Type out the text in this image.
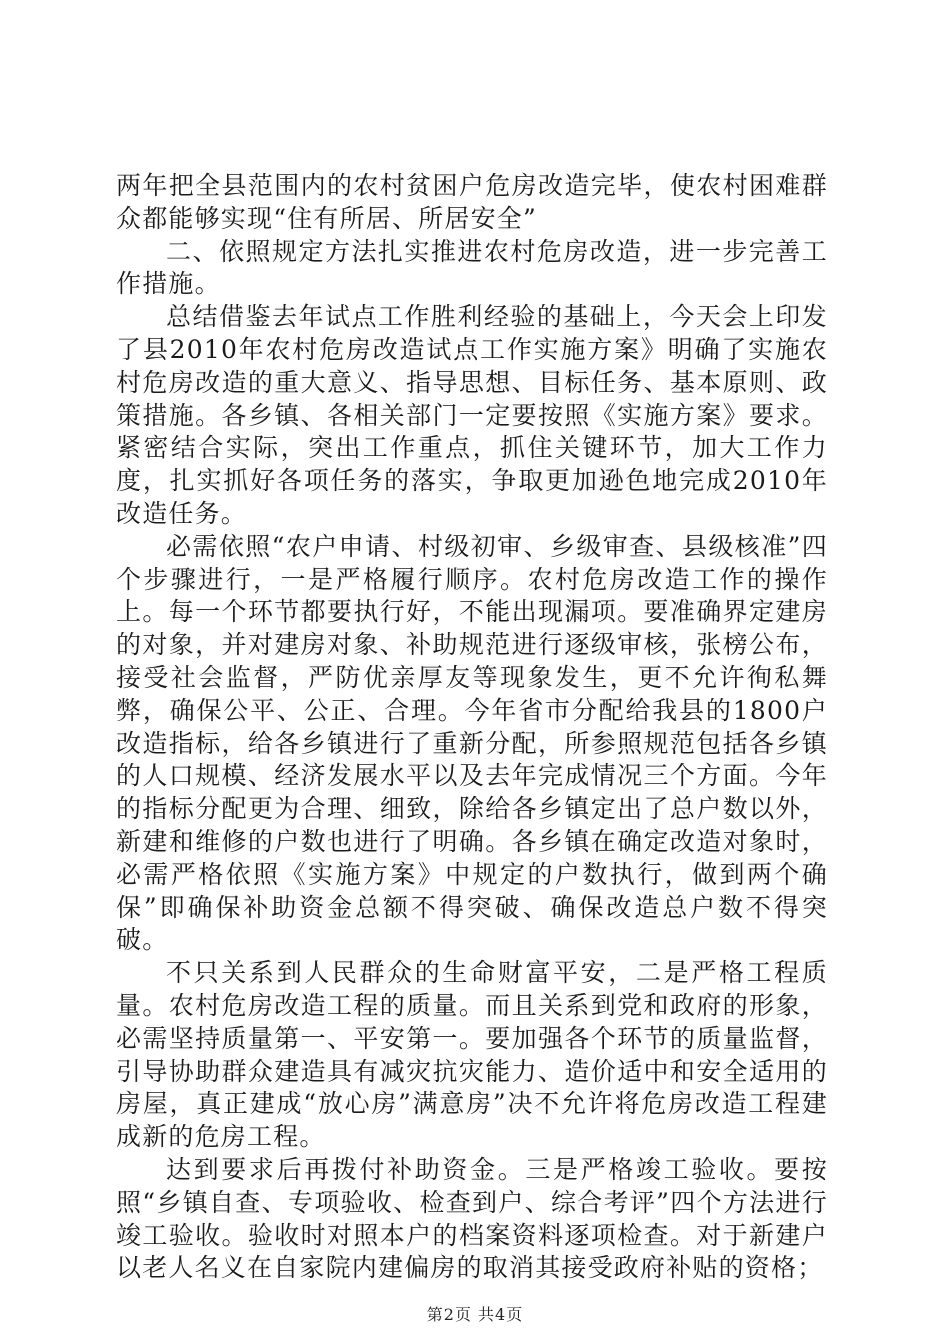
两年把全县范围内的农村贫困户危房改造完毕，使农村困难群众都能够实现“住有所居、所居安全”

二、依照规定方法扎实推进农村危房改造，进一步完善工作措施。

总结借鉴去年试点工作胜利经验的基础上，今天会上印发了县2010年农村危房改造试点工作实施方案》明确了实施农村危房改造的重大意义、指导思想、目标任务、基本原则、政策措施。各乡镇、各相关部门一定要按照《实施方案》要求。紧密结合实际，突出工作重点，抓住关键环节，加大工作力度，扎实抓好各项任务的落实，争取更加逊色地完成2010年改造任务。

必需依照“农户申请、村级初审、乡级审查、县级核准”四个步骤进行，一是严格履行顺序。农村危房改造工作的操作上。每一个环节都要执行好，不能出现漏项。要准确界定建房的对象，并对建房对象、补助规范进行逐级审核，张榜公布，接受社会监督，严防优亲厚友等现象发生，更不允许徇私舞弊，确保公平、公正、合理。今年省市分配给我县的1800户改造指标，给各乡镇进行了重新分配，所参照规范包括各乡镇的人口规模、经济发展水平以及去年完成情况三个方面。今年的指标分配更为合理、细致，除给各乡镇定出了总户数以外，新建和维修的户数也进行了明确。各乡镇在确定改造对象时，必需严格依照《实施方案》中规定的户数执行，做到两个确保”即确保补助资金总额不得突破、确保改造总户数不得突破。

不只关系到人民群众的生命财富平安，二是严格工程质量。农村危房改造工程的质量。而且关系到党和政府的形象，必需坚持质量第一、平安第一。要加强各个环节的质量监督，引导协助群众建造具有减灾抗灾能力、造价适中和安全适用的房屋，真正建成“放心房”满意房”决不允许将危房改造工程建成新的危房工程。

达到要求后再拨付补助资金。三是严格竣工验收。要按照“乡镇自查、专项验收、检查到户、综合考评”四个方法进行竣工验收。验收时对照本户的档案资料逐项检查。对于新建户以老人名义在自家院内建偏房的取消其接受政府补贴的资格；

第2页 共4页
